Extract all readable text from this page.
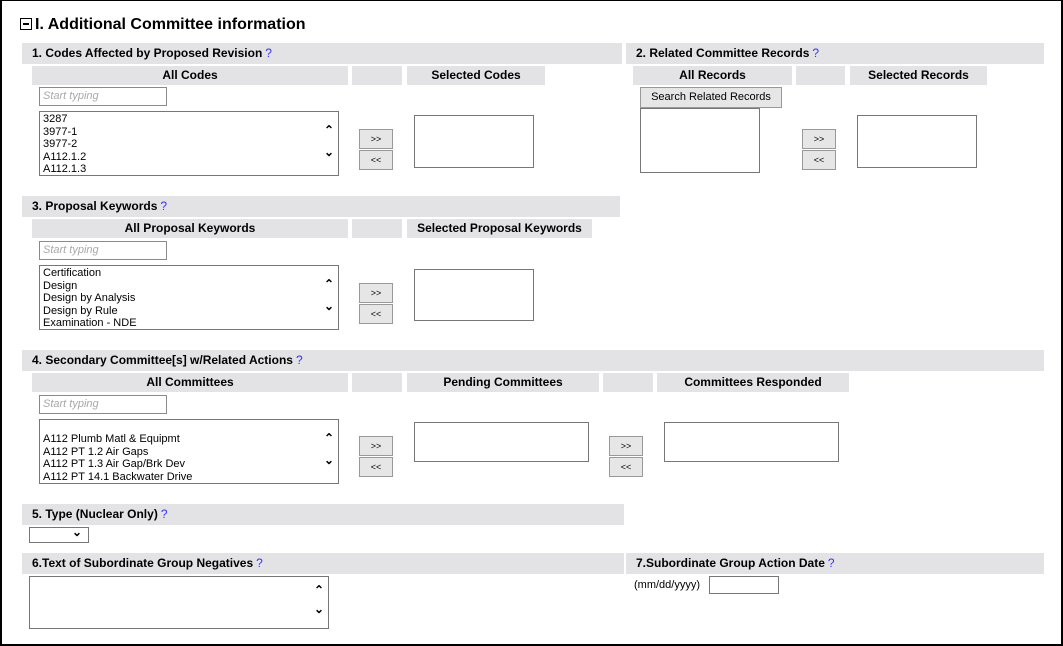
I. Additional Committee information
1. Codes Affected by Proposed Revision ?
All Codes	Selected Codes
Start typing
3287
3977-1
3977-2
A112.1.2
A112.1.3
⌃
⌄
>>
<<
2. Related Committee Records ?
All Records	Selected Records
Search Related Records
>>
<<
3. Proposal Keywords ?
All Proposal Keywords	Selected Proposal Keywords
Start typing
Certification
Design
Design by Analysis
Design by Rule
Examination - NDE
⌃
⌄
>>
<<
4. Secondary Committee[s] w/Related Actions ?
All Committees	Pending Committees	Committees Responded
Start typing
A112 Plumb Matl & Equipmt
A112 PT 1.2 Air Gaps
A112 PT 1.3 Air Gap/Brk Dev
A112 PT 14.1 Backwater Drive
⌃
⌄
>>
<<
>>
<<
5. Type (Nuclear Only) ?
⌄
6.Text of Subordinate Group Negatives ?
⌃
⌄
7.Subordinate Group Action Date ?
(mm/dd/yyyy)
